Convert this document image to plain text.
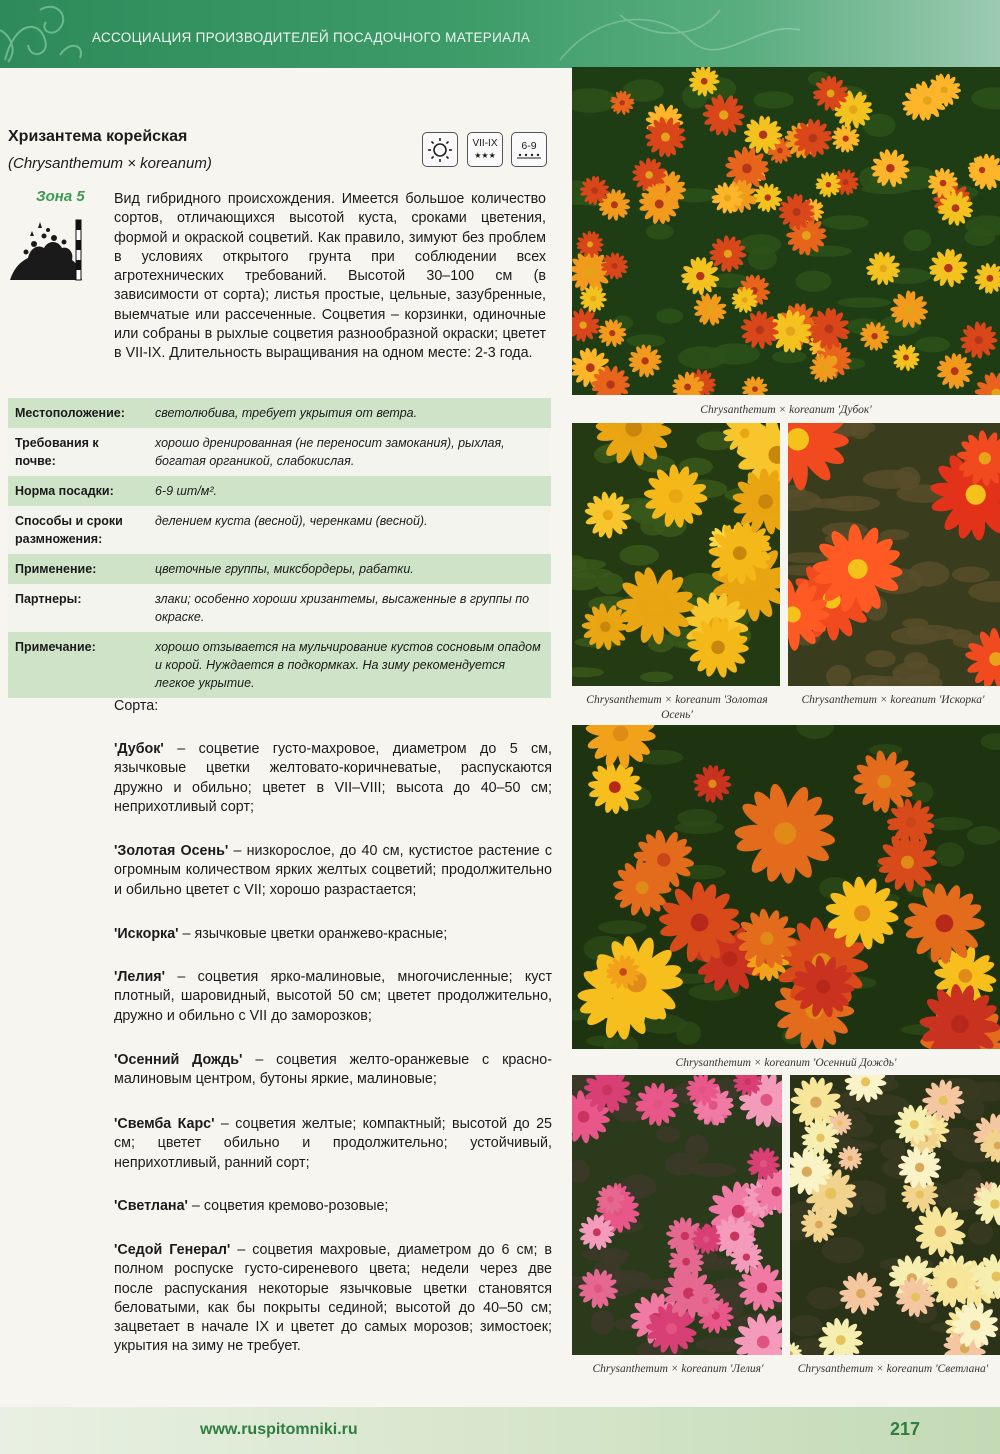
АССОЦИАЦИЯ ПРОИЗВОДИТЕЛЕЙ ПОСАДОЧНОГО МАТЕРИАЛА
Хризантема корейская
(Chrysanthemum × koreanum)
VII-IX
★★★
6-9
Зона 5 Вид гибридного происхождения. Имеется большое количество сортов, отличающихся высотой куста, сроками цветения, формой и окраской соцветий. Как правило, зимуют без проблем в условиях открытого грунта при соблюдении всех агротехнических требований. Высотой 30–100 см (в зависимости от сорта); листья простые, цельные, зазубренные, выемчатые или рассеченные. Соцветия – корзинки, одиночные или собраны в рыхлые соцветия разнообразной окраски; цветет в VII-IX. Длительность выращивания на одном месте: 2-3 года.
Местоположение:	светолюбива, требует укрытия от ветра.
Требования к почве:
хорошо дренированная (не переносит замокания), рыхлая, богатая органикой, слабокислая.
Норма посадки:	6-9 шт/м².
Способы и сроки размножения:
делением куста (весной), черенками (весной).
Применение:	цветочные группы, миксбордеры, рабатки.
Партнеры:	злаки; особенно хороши хризантемы, высаженные в группы по окраске.
Примечание:	хорошо отзывается на мульчирование кустов сосновым опадом и корой. Нуждается в подкормках. На зиму рекомендуется легкое укрытие.
Сорта:
'Дубок' – соцветие густо-махровое, диаметром до 5 см, язычковые цветки желтовато-коричневатые, распускаются дружно и обильно; цветет в VII–VIII; высота до 40–50 см; неприхотливый сорт;
'Золотая Осень' – низкорослое, до 40 см, кустистое растение с огромным количеством ярких желтых соцветий; продолжительно и обильно цветет с VII; хорошо разрастается;
'Искорка' – язычковые цветки оранжево-красные;
'Лелия' – соцветия ярко-малиновые, многочисленные; куст плотный, шаровидный, высотой 50 см; цветет продолжительно, дружно и обильно с VII до заморозков;
'Осенний Дождь' – соцветия желто-оранжевые с красно-малиновым центром, бутоны яркие, малиновые;
'Свемба Карс' – соцветия желтые; компактный; высотой до 25 см; цветет обильно и продолжительно; устойчивый, неприхотливый, ранний сорт;
'Светлана' – соцветия кремово-розовые;
'Седой Генерал' – соцветия махровые, диаметром до 6 см; в полном роспуске густо-сиреневого цвета; недели через две после распускания некоторые язычковые цветки становятся беловатыми, как бы покрыты сединой; высотой до 40–50 см; зацветает в начале IX и цветет до самых морозов; зимостоек; укрытия на зиму не требует.
Chrysanthemum × koreanum 'Дубок'
Chrysanthemum × koreanum 'Золотая Осень'
Chrysanthemum × koreanum 'Искорка'
Chrysanthemum × koreanum 'Осенний Дождь'
Chrysanthemum × koreanum 'Лелия'	Chrysanthemum × koreanum 'Светлана'
www.ruspitomniki.ru	217
